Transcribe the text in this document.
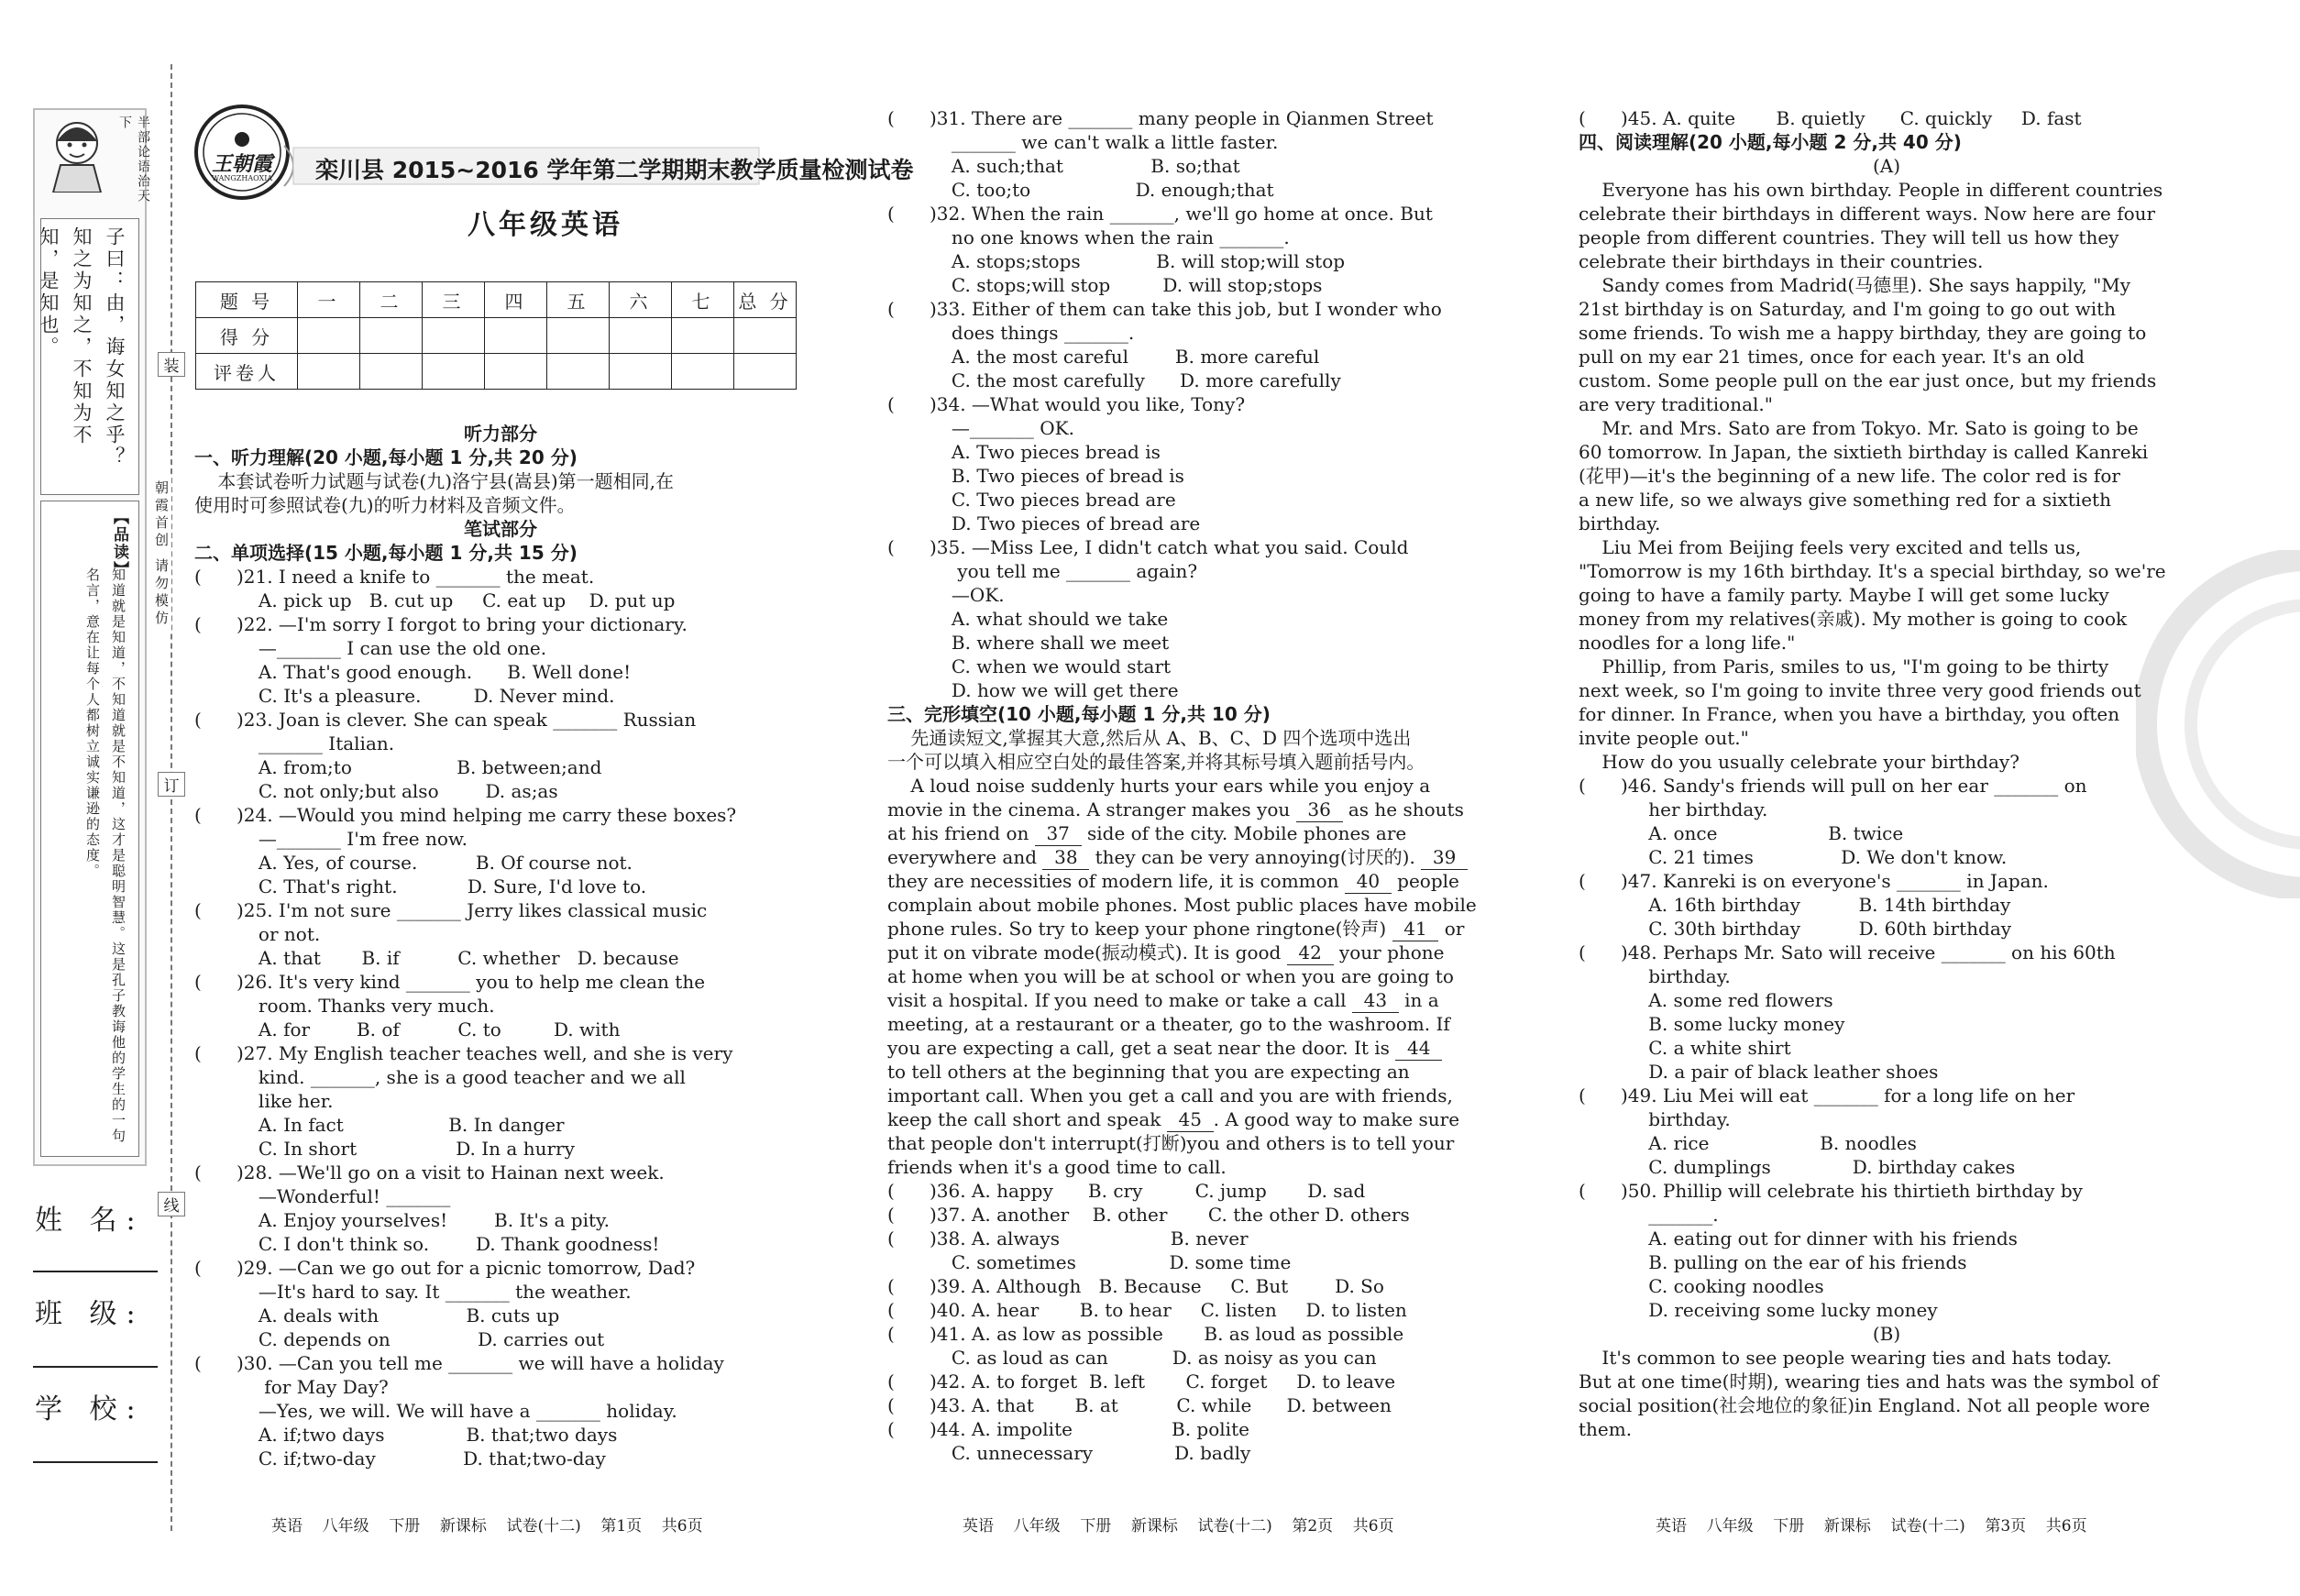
半部论语治天下
子曰：由，诲女知之乎？知之为知之，不知为不知，是知也。
【品读】
知道就是知道，不知道就是不知道，这才是聪明智慧。这是孔子教诲他的学生的一句名言，意在让每个人都树立诚实谦逊的态度。
姓 名:
班 级:
学 校:
装
朝霞首创 请勿模仿
订
线
王朝霞
WANGZHAOXIA 栾川县 2015~2016 学年第二学期期末教学质量检测试卷
八年级英语
题 号	一	二	三	四	五	六	七	总 分
得 分								
评卷人								
听力部分
一、听力理解(20 小题,每小题 1 分,共 20 分)
本套试卷听力试题与试卷(九)洛宁县(嵩县)第一题相同,在
使用时可参照试卷(九)的听力材料及音频文件。
笔试部分
二、单项选择(15 小题,每小题 1 分,共 15 分)
(      )21. I need a knife to _______ the meat.
A. pick up   B. cut up     C. eat up    D. put up
(      )22. —I'm sorry I forgot to bring your dictionary.
—_______ I can use the old one.
A. That's good enough.      B. Well done!
C. It's a pleasure.         D. Never mind.
(      )23. Joan is clever. She can speak _______ Russian
_______ Italian.
A. from;to                  B. between;and
C. not only;but also        D. as;as
(      )24. —Would you mind helping me carry these boxes?
—_______ I'm free now.
A. Yes, of course.          B. Of course not.
C. That's right.            D. Sure, I'd love to.
(      )25. I'm not sure _______ Jerry likes classical music
or not.
A. that       B. if          C. whether   D. because
(      )26. It's very kind _______ you to help me clean the
room. Thanks very much.
A. for        B. of          C. to         D. with
(      )27. My English teacher teaches well, and she is very
kind. _______, she is a good teacher and we all
like her.
A. In fact                  B. In danger
C. In short                 D. In a hurry
(      )28. —We'll go on a visit to Hainan next week.
—Wonderful! _______
A. Enjoy yourselves!        B. It's a pity.
C. I don't think so.        D. Thank goodness!
(      )29. —Can we go out for a picnic tomorrow, Dad?
—It's hard to say. It _______ the weather.
A. deals with               B. cuts up
C. depends on               D. carries out
(      )30. —Can you tell me _______ we will have a holiday
for May Day?
—Yes, we will. We will have a _______ holiday.
A. if;two days              B. that;two days
C. if;two-day               D. that;two-day
(      )31. There are _______ many people in Qianmen Street
_______ we can't walk a little faster.
A. such;that               B. so;that
C. too;to                  D. enough;that
(      )32. When the rain _______, we'll go home at once. But
no one knows when the rain _______.
A. stops;stops             B. will stop;will stop
C. stops;will stop         D. will stop;stops
(      )33. Either of them can take this job, but I wonder who
does things _______.
A. the most careful        B. more careful
C. the most carefully      D. more carefully
(      )34. —What would you like, Tony?
—_______ OK.
A. Two pieces bread is
B. Two pieces of bread is
C. Two pieces bread are
D. Two pieces of bread are
(      )35. —Miss Lee, I didn't catch what you said. Could
you tell me _______ again?
—OK.
A. what should we take
B. where shall we meet
C. when we would start
D. how we will get there
三、完形填空(10 小题,每小题 1 分,共 10 分)
先通读短文,掌握其大意,然后从 A、B、C、D 四个选项中选出
一个可以填入相应空白处的最佳答案,并将其标号填入题前括号内。
A loud noise suddenly hurts your ears while you enjoy a
movie in the cinema. A stranger makes you   36   as he shouts
at his friend on   37   side of the city. Mobile phones are
everywhere and   38   they can be very annoying(讨厌的).   39
they are necessities of modern life, it is common   40   people
complain about mobile phones. Most public places have mobile
phone rules. So try to keep your phone ringtone(铃声)   41   or
put it on vibrate mode(振动模式). It is good   42   your phone
at home when you will be at school or when you are going to
visit a hospital. If you need to make or take a call   43   in a
meeting, at a restaurant or a theater, go to the washroom. If
you are expecting a call, get a seat near the door. It is   44
to tell others at the beginning that you are expecting an
important call. When you get a call and you are with friends,
keep the call short and speak   45  . A good way to make sure
that people don't interrupt(打断)you and others is to tell your
friends when it's a good time to call.
(      )36. A. happy      B. cry         C. jump       D. sad
(      )37. A. another    B. other       C. the other D. others
(      )38. A. always                   B. never
C. sometimes                D. some time
(      )39. A. Although   B. Because     C. But        D. So
(      )40. A. hear       B. to hear     C. listen     D. to listen
(      )41. A. as low as possible       B. as loud as possible
C. as loud as can           D. as noisy as you can
(      )42. A. to forget  B. left       C. forget     D. to leave
(      )43. A. that       B. at          C. while      D. between
(      )44. A. impolite                 B. polite
C. unnecessary              D. badly
(      )45. A. quite       B. quietly      C. quickly     D. fast
四、阅读理解(20 小题,每小题 2 分,共 40 分)
(A)
Everyone has his own birthday. People in different countries
celebrate their birthdays in different ways. Now here are four
people from different countries. They will tell us how they
celebrate their birthdays in their countries.
Sandy comes from Madrid(马德里). She says happily, "My
21st birthday is on Saturday, and I'm going to go out with
some friends. To wish me a happy birthday, they are going to
pull on my ear 21 times, once for each year. It's an old
custom. Some people pull on the ear just once, but my friends
are very traditional."
Mr. and Mrs. Sato are from Tokyo. Mr. Sato is going to be
60 tomorrow. In Japan, the sixtieth birthday is called Kanreki
(花甲)—it's the beginning of a new life. The color red is for
a new life, so we always give something red for a sixtieth
birthday.
Liu Mei from Beijing feels very excited and tells us,
"Tomorrow is my 16th birthday. It's a special birthday, so we're
going to have a family party. Maybe I will get some lucky
money from my relatives(亲戚). My mother is going to cook
noodles for a long life."
Phillip, from Paris, smiles to us, "I'm going to be thirty
next week, so I'm going to invite three very good friends out
for dinner. In France, when you have a birthday, you often
invite people out."
How do you usually celebrate your birthday?
(      )46. Sandy's friends will pull on her ear _______ on
her birthday.
A. once                   B. twice
C. 21 times               D. We don't know.
(      )47. Kanreki is on everyone's _______ in Japan.
A. 16th birthday          B. 14th birthday
C. 30th birthday          D. 60th birthday
(      )48. Perhaps Mr. Sato will receive _______ on his 60th
birthday.
A. some red flowers
B. some lucky money
C. a white shirt
D. a pair of black leather shoes
(      )49. Liu Mei will eat _______ for a long life on her
birthday.
A. rice                   B. noodles
C. dumplings              D. birthday cakes
(      )50. Phillip will celebrate his thirtieth birthday by
_______.
A. eating out for dinner with his friends
B. pulling on the ear of his friends
C. cooking noodles
D. receiving some lucky money
(B)
It's common to see people wearing ties and hats today.
But at one time(时期), wearing ties and hats was the symbol of
social position(社会地位的象征)in England. Not all people wore
them.
英语    八年级    下册    新课标    试卷(十二)    第1页    共6页	英语    八年级    下册    新课标    试卷(十二)    第2页    共6页	英语    八年级    下册    新课标    试卷(十二)    第3页    共6页
